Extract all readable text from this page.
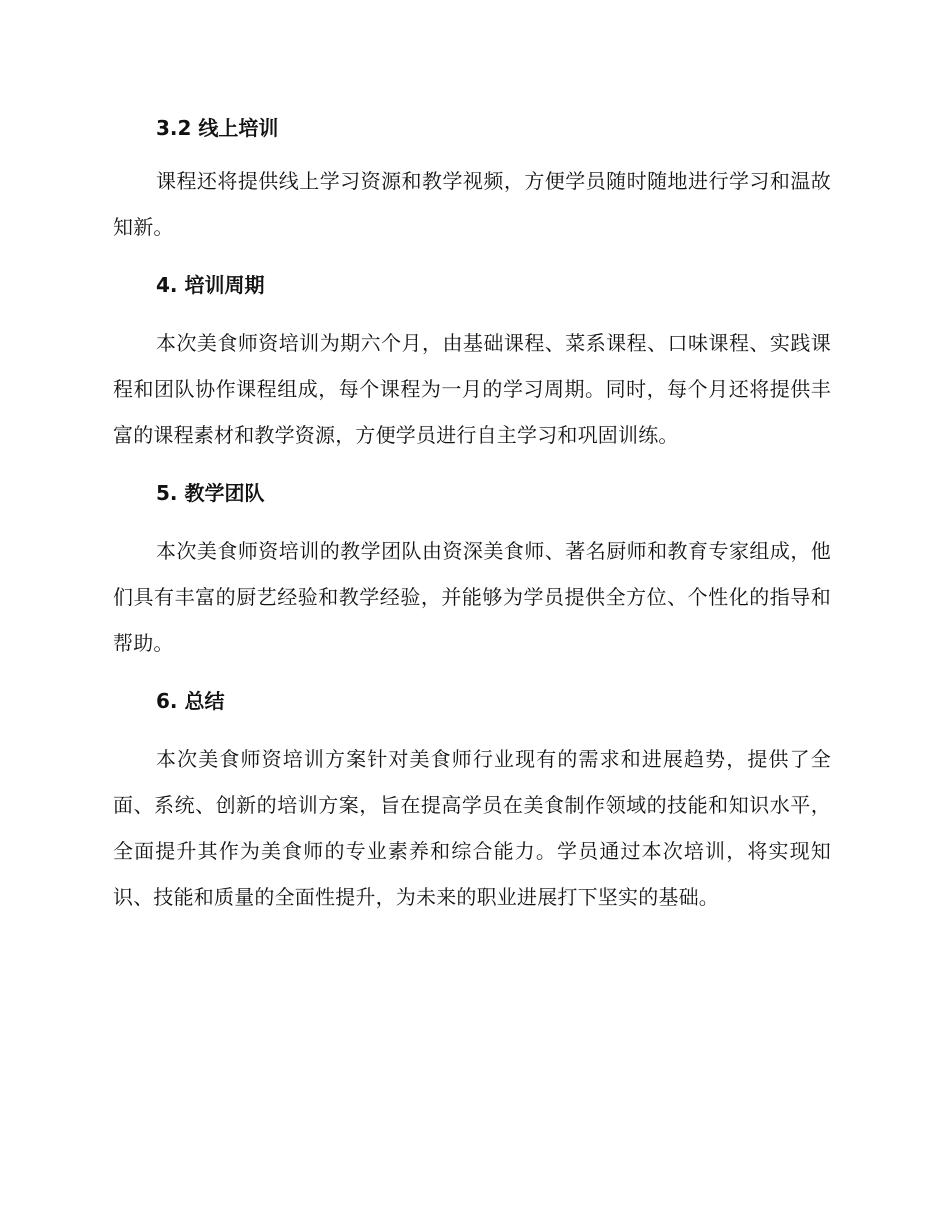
3.2 线上培训

课程还将提供线上学习资源和教学视频，方便学员随时随地进行学习和温故知新。

4. 培训周期

本次美食师资培训为期六个月，由基础课程、菜系课程、口味课程、实践课程和团队协作课程组成，每个课程为一月的学习周期。同时，每个月还将提供丰富的课程素材和教学资源，方便学员进行自主学习和巩固训练。

5. 教学团队

本次美食师资培训的教学团队由资深美食师、著名厨师和教育专家组成，他们具有丰富的厨艺经验和教学经验，并能够为学员提供全方位、个性化的指导和帮助。

6. 总结

本次美食师资培训方案针对美食师行业现有的需求和进展趋势，提供了全面、系统、创新的培训方案，旨在提高学员在美食制作领域的技能和知识水平，全面提升其作为美食师的专业素养和综合能力。学员通过本次培训，将实现知识、技能和质量的全面性提升，为未来的职业进展打下坚实的基础。
